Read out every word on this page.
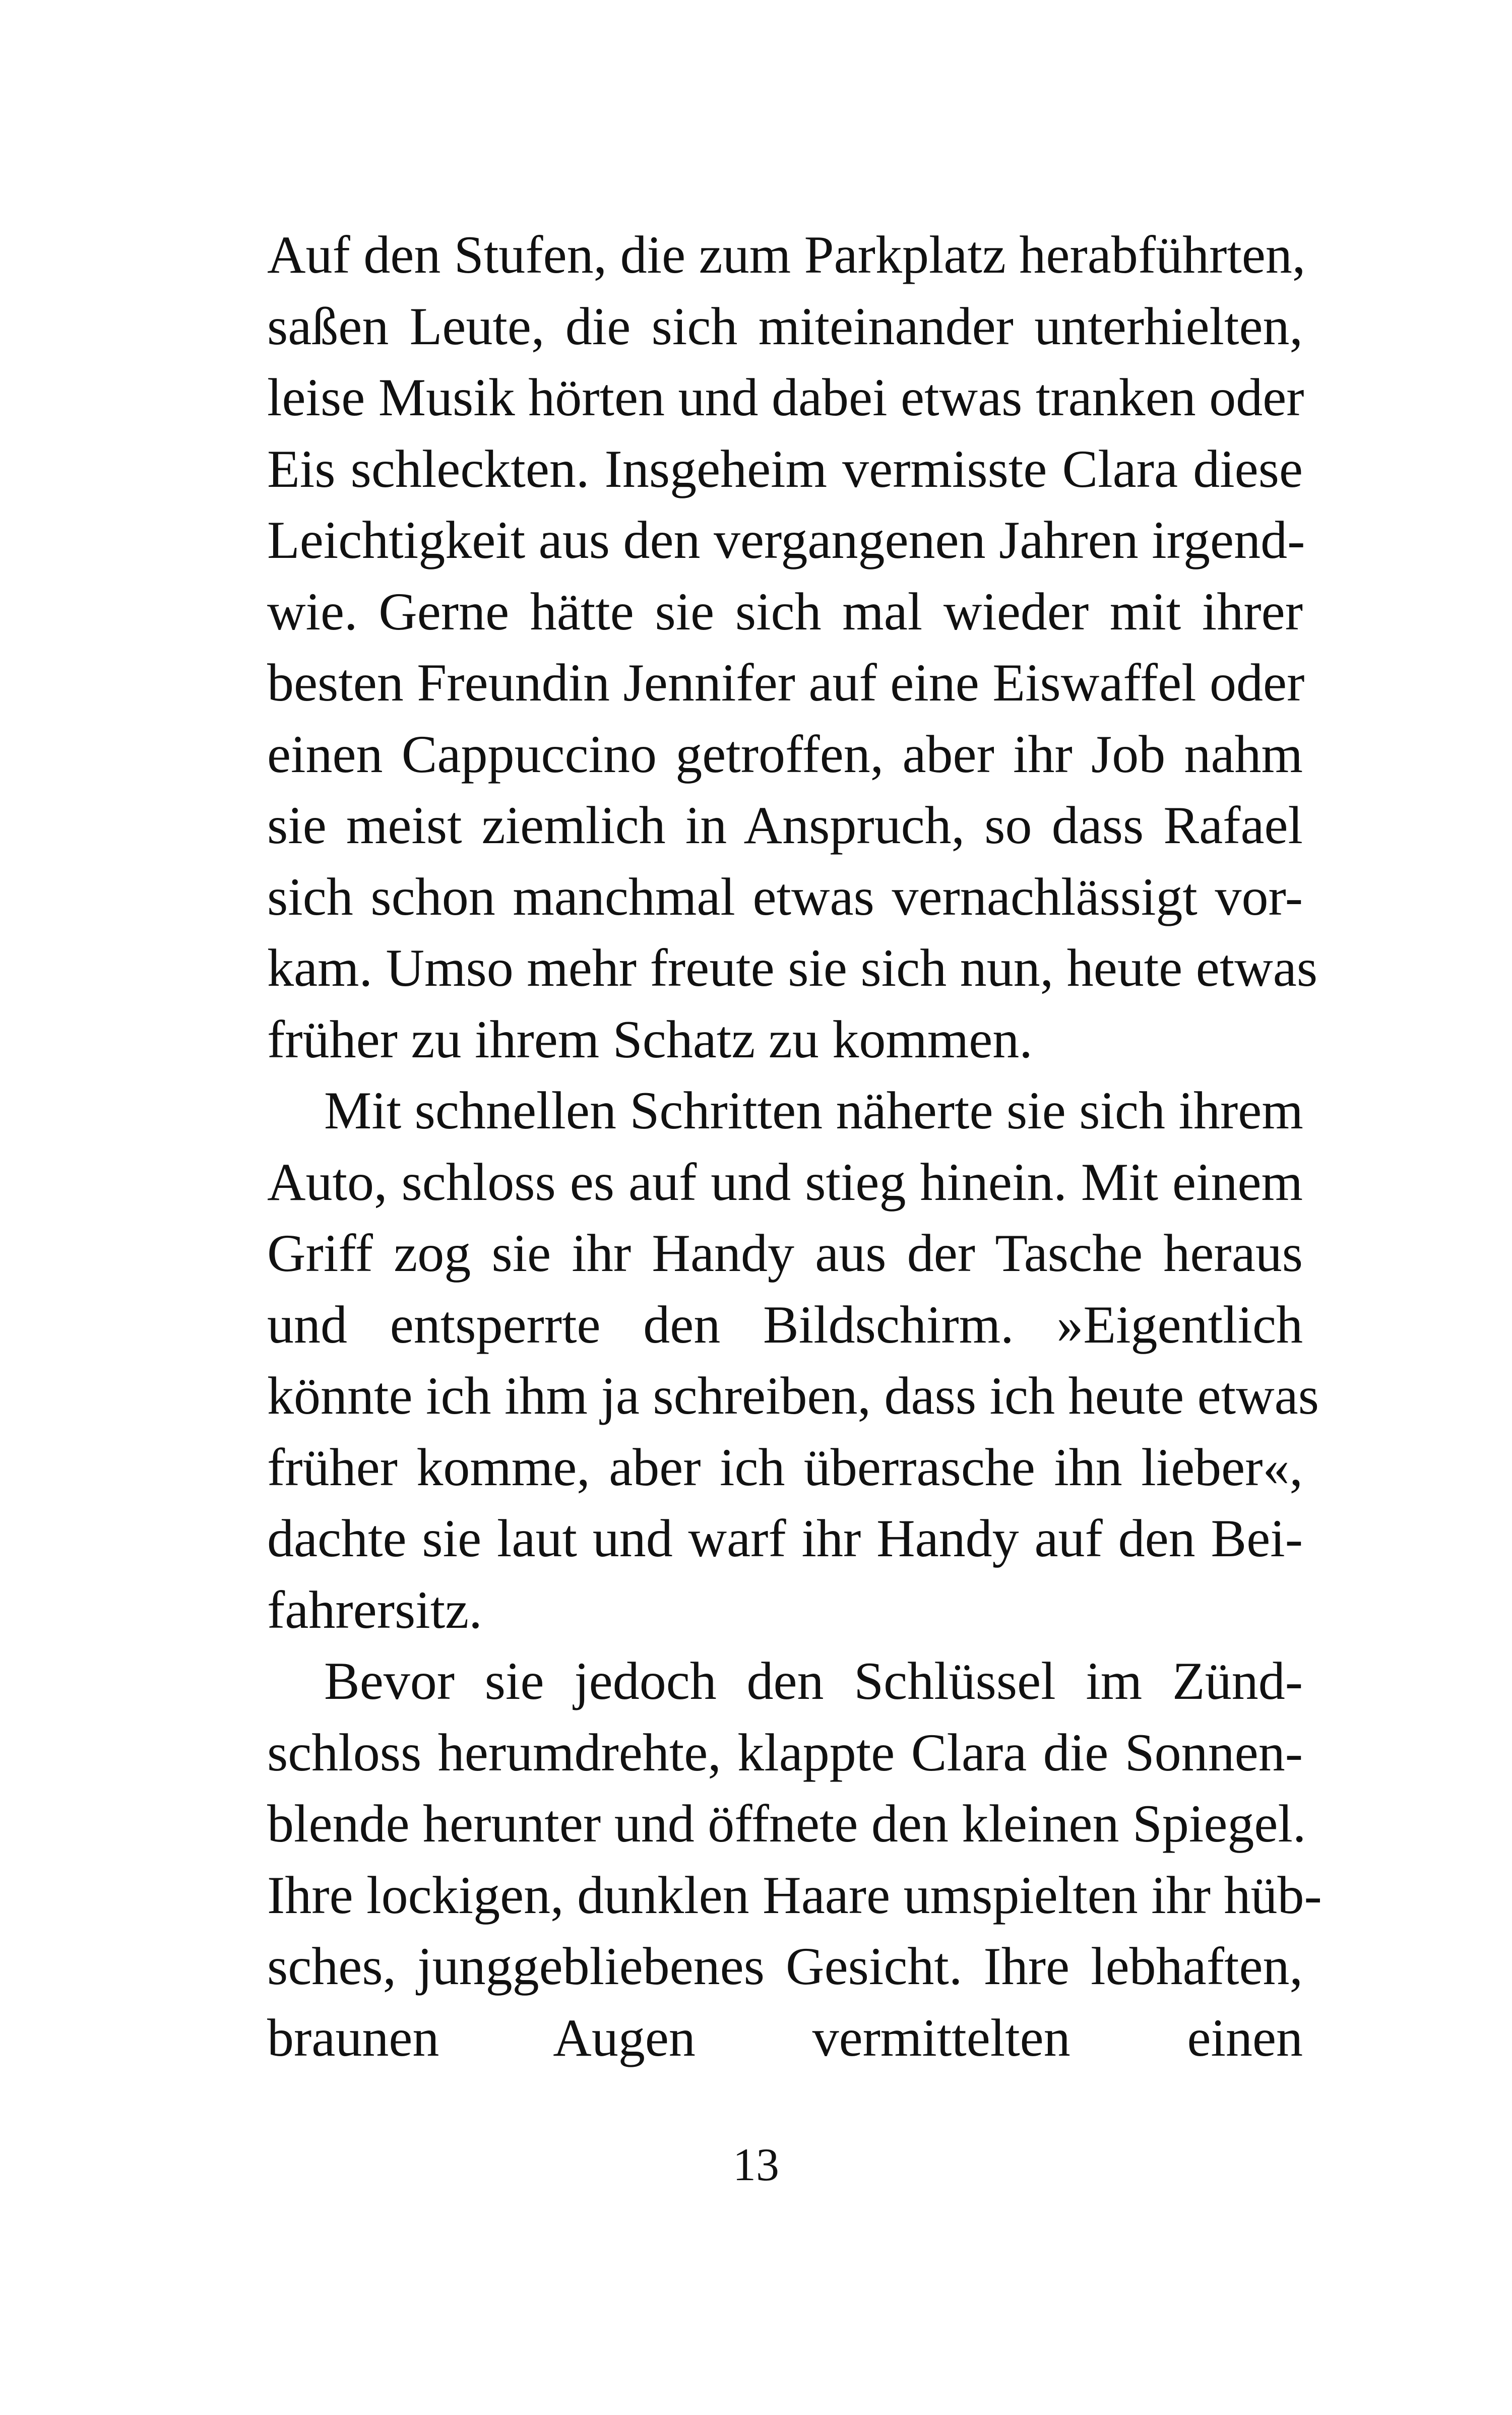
Auf den Stufen, die zum Parkplatz herabführten,
saßen Leute, die sich miteinander unterhielten,
leise Musik hörten und dabei etwas tranken oder
Eis schleckten. Insgeheim vermisste Clara diese
Leichtigkeit aus den vergangenen Jahren irgend-
wie. Gerne hätte sie sich mal wieder mit ihrer
besten Freundin Jennifer auf eine Eiswaffel oder
einen Cappuccino getroffen, aber ihr Job nahm
sie meist ziemlich in Anspruch, so dass Rafael
sich schon manchmal etwas vernachlässigt vor-
kam. Umso mehr freute sie sich nun, heute etwas
früher zu ihrem Schatz zu kommen.
Mit schnellen Schritten näherte sie sich ihrem
Auto, schloss es auf und stieg hinein. Mit einem
Griff zog sie ihr Handy aus der Tasche heraus
und entsperrte den Bildschirm. »Eigentlich
könnte ich ihm ja schreiben, dass ich heute etwas
früher komme, aber ich überrasche ihn lieber«,
dachte sie laut und warf ihr Handy auf den Bei-
fahrersitz.
Bevor sie jedoch den Schlüssel im Zünd-
schloss herumdrehte, klappte Clara die Sonnen-
blende herunter und öffnete den kleinen Spiegel.
Ihre lockigen, dunklen Haare umspielten ihr hüb-
sches, junggebliebenes Gesicht. Ihre lebhaften,
braunen Augen vermittelten einen
13
